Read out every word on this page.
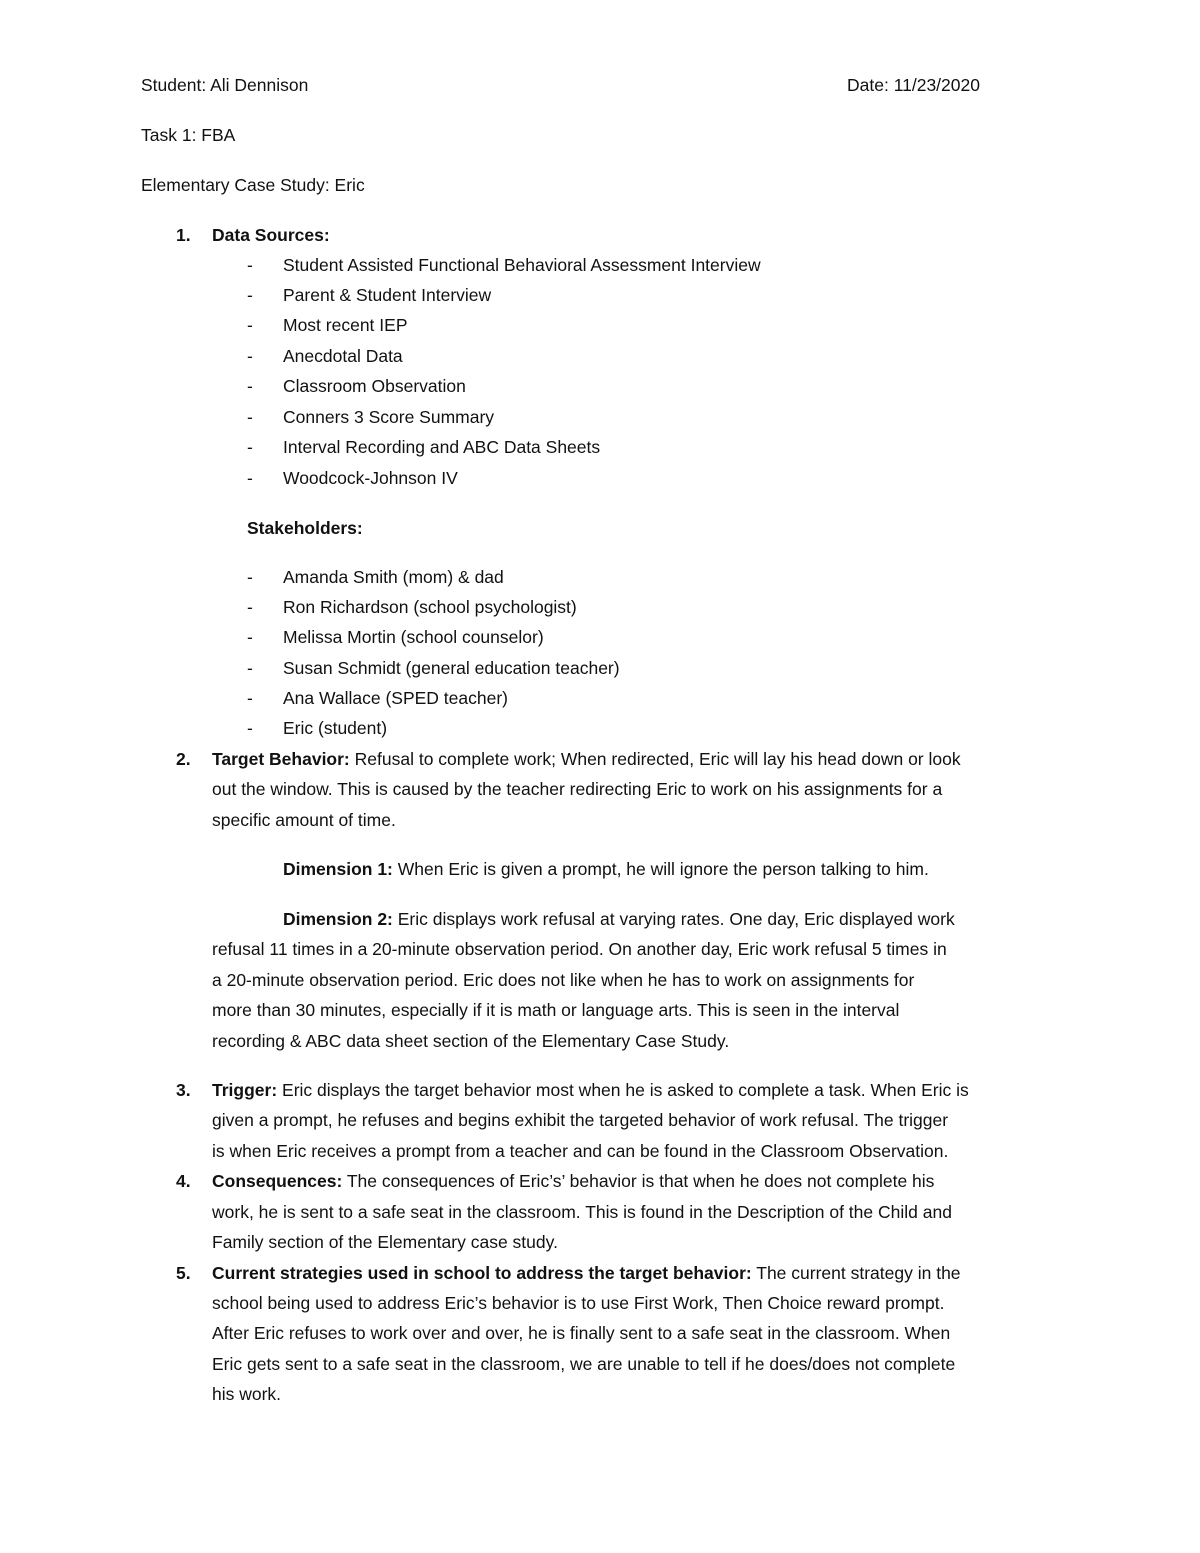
Student: Ali Dennison	Date: 11/23/2020
Task 1: FBA
Elementary Case Study: Eric
1.	Data Sources:
- Student Assisted Functional Behavioral Assessment Interview
- Parent & Student Interview
- Most recent IEP
- Anecdotal Data
- Classroom Observation
- Conners 3 Score Summary
- Interval Recording and ABC Data Sheets
- Woodcock-Johnson IV
Stakeholders:
- Amanda Smith (mom) & dad
- Ron Richardson (school psychologist)
- Melissa Mortin (school counselor)
- Susan Schmidt (general education teacher)
- Ana Wallace (SPED teacher)
- Eric (student)
2.	Target Behavior: Refusal to complete work; When redirected, Eric will lay his head down or look
out the window. This is caused by the teacher redirecting Eric to work on his assignments for a
specific amount of time.
Dimension 1: When Eric is given a prompt, he will ignore the person talking to him.
Dimension 2: Eric displays work refusal at varying rates. One day, Eric displayed work
refusal 11 times in a 20-minute observation period. On another day, Eric work refusal 5 times in
a 20-minute observation period. Eric does not like when he has to work on assignments for
more than 30 minutes, especially if it is math or language arts. This is seen in the interval
recording & ABC data sheet section of the Elementary Case Study.
3.	Trigger: Eric displays the target behavior most when he is asked to complete a task. When Eric is
given a prompt, he refuses and begins exhibit the targeted behavior of work refusal. The trigger
is when Eric receives a prompt from a teacher and can be found in the Classroom Observation.
4.	Consequences: The consequences of Eric’s’ behavior is that when he does not complete his
work, he is sent to a safe seat in the classroom. This is found in the Description of the Child and
Family section of the Elementary case study.
5.	Current strategies used in school to address the target behavior: The current strategy in the
school being used to address Eric’s behavior is to use First Work, Then Choice reward prompt.
After Eric refuses to work over and over, he is finally sent to a safe seat in the classroom. When
Eric gets sent to a safe seat in the classroom, we are unable to tell if he does/does not complete
his work.
